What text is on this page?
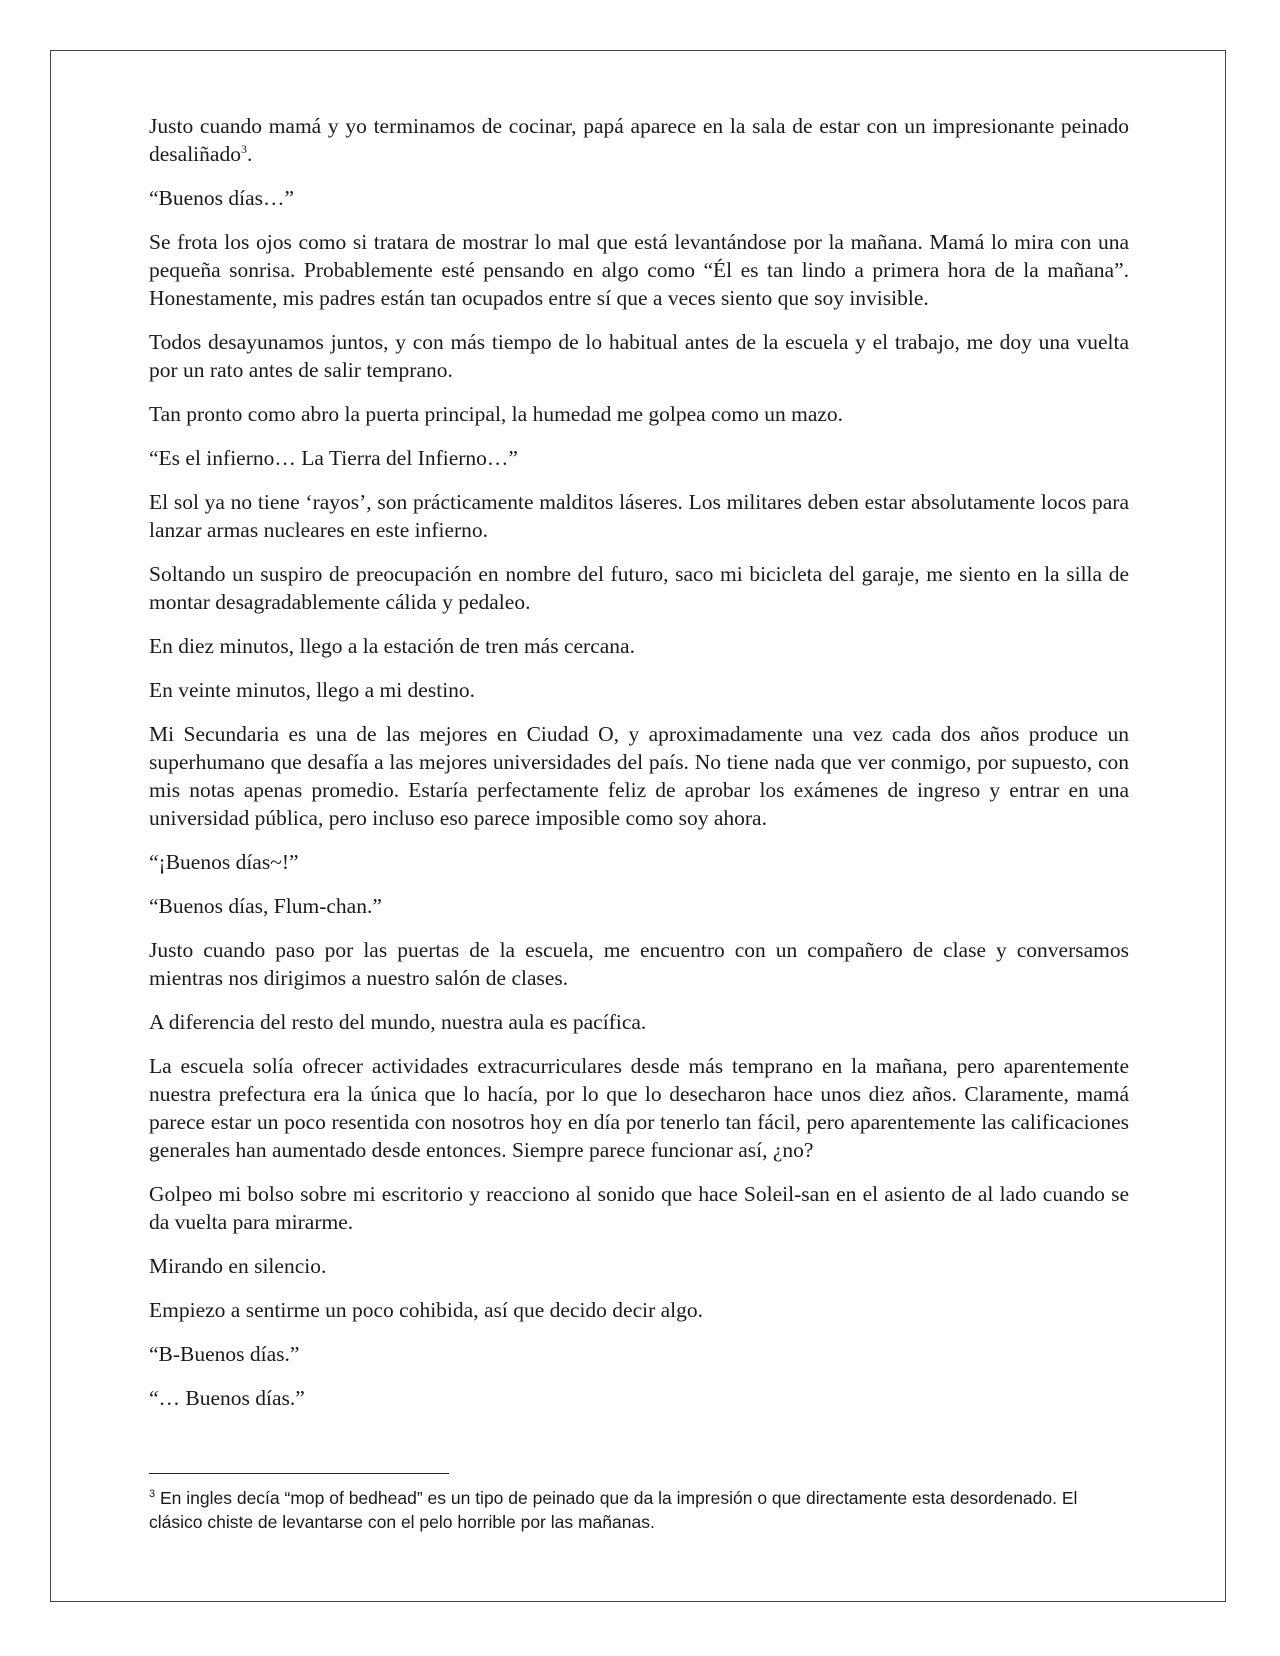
Justo cuando mamá y yo terminamos de cocinar, papá aparece en la sala de estar con un impresionante peinado desaliñado$^3$.

“Buenos días…”

Se frota los ojos como si tratara de mostrar lo mal que está levantándose por la mañana. Mamá lo mira con una pequeña sonrisa. Probablemente esté pensando en algo como “Él es tan lindo a primera hora de la mañana”. Honestamente, mis padres están tan ocupados entre sí que a veces siento que soy invisible.

Todos desayunamos juntos, y con más tiempo de lo habitual antes de la escuela y el trabajo, me doy una vuelta por un rato antes de salir temprano.

Tan pronto como abro la puerta principal, la humedad me golpea como un mazo.

“Es el infierno… La Tierra del Infierno…”

El sol ya no tiene ‘rayos’, son prácticamente malditos láseres. Los militares deben estar absolutamente locos para lanzar armas nucleares en este infierno.

Soltando un suspiro de preocupación en nombre del futuro, saco mi bicicleta del garaje, me siento en la silla de montar desagradablemente cálida y pedaleo.

En diez minutos, llego a la estación de tren más cercana.

En veinte minutos, llego a mi destino.

Mi Secundaria es una de las mejores en Ciudad O, y aproximadamente una vez cada dos años produce un superhumano que desafía a las mejores universidades del país. No tiene nada que ver conmigo, por supuesto, con mis notas apenas promedio. Estaría perfectamente feliz de aprobar los exámenes de ingreso y entrar en una universidad pública, pero incluso eso parece imposible como soy ahora.

“¡Buenos días~!”

“Buenos días, Flum-chan.”

Justo cuando paso por las puertas de la escuela, me encuentro con un compañero de clase y conversamos mientras nos dirigimos a nuestro salón de clases.

A diferencia del resto del mundo, nuestra aula es pacífica.

La escuela solía ofrecer actividades extracurriculares desde más temprano en la mañana, pero aparentemente nuestra prefectura era la única que lo hacía, por lo que lo desecharon hace unos diez años. Claramente, mamá parece estar un poco resentida con nosotros hoy en día por tenerlo tan fácil, pero aparentemente las calificaciones generales han aumentado desde entonces. Siempre parece funcionar así, ¿no?

Golpeo mi bolso sobre mi escritorio y reacciono al sonido que hace Soleil-san en el asiento de al lado cuando se da vuelta para mirarme.

Mirando en silencio.

Empiezo a sentirme un poco cohibida, así que decido decir algo.

“B-Buenos días.”

“… Buenos días.”

$^3$ En ingles decía “mop of bedhead” es un tipo de peinado que da la impresión o que directamente esta desordenado. El clásico chiste de levantarse con el pelo horrible por las mañanas.
